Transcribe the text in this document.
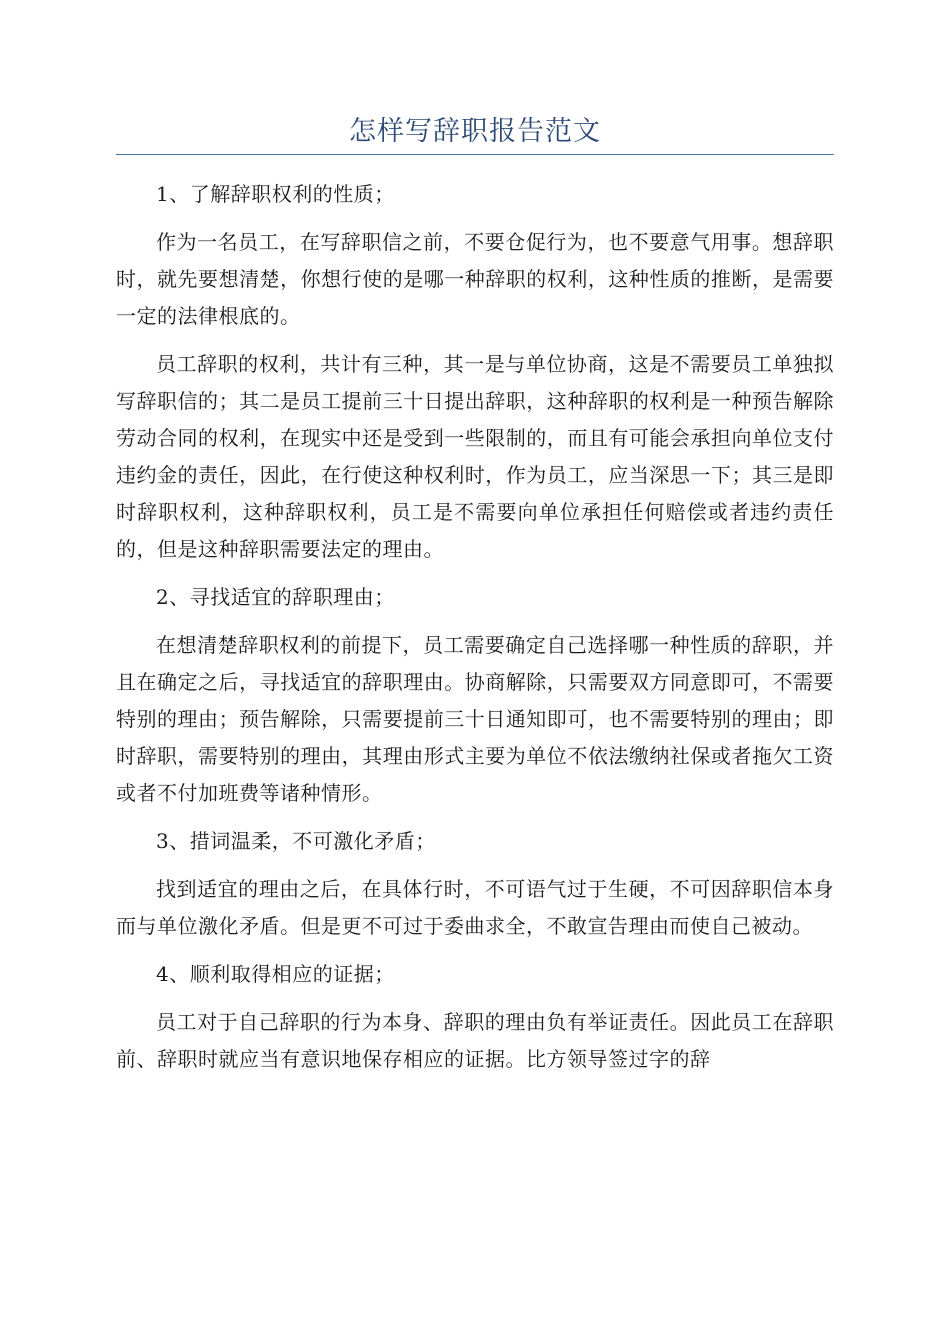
怎样写辞职报告范文

1、了解辞职权利的性质；

作为一名员工，在写辞职信之前，不要仓促行为，也不要意气用事。想辞职时，就先要想清楚，你想行使的是哪一种辞职的权利，这种性质的推断，是需要一定的法律根底的。

员工辞职的权利，共计有三种，其一是与单位协商，这是不需要员工单独拟写辞职信的；其二是员工提前三十日提出辞职，这种辞职的权利是一种预告解除劳动合同的权利，在现实中还是受到一些限制的，而且有可能会承担向单位支付违约金的责任，因此，在行使这种权利时，作为员工，应当深思一下；其三是即时辞职权利，这种辞职权利，员工是不需要向单位承担任何赔偿或者违约责任的，但是这种辞职需要法定的理由。

2、寻找适宜的辞职理由；

在想清楚辞职权利的前提下，员工需要确定自己选择哪一种性质的辞职，并且在确定之后，寻找适宜的辞职理由。协商解除，只需要双方同意即可，不需要特别的理由；预告解除，只需要提前三十日通知即可，也不需要特别的理由；即时辞职，需要特别的理由，其理由形式主要为单位不依法缴纳社保或者拖欠工资或者不付加班费等诸种情形。

3、措词温柔，不可激化矛盾；

找到适宜的理由之后，在具体行时，不可语气过于生硬，不可因辞职信本身而与单位激化矛盾。但是更不可过于委曲求全，不敢宣告理由而使自己被动。

4、顺利取得相应的证据；

员工对于自己辞职的行为本身、辞职的理由负有举证责任。因此员工在辞职前、辞职时就应当有意识地保存相应的证据。比方领导签过字的辞
